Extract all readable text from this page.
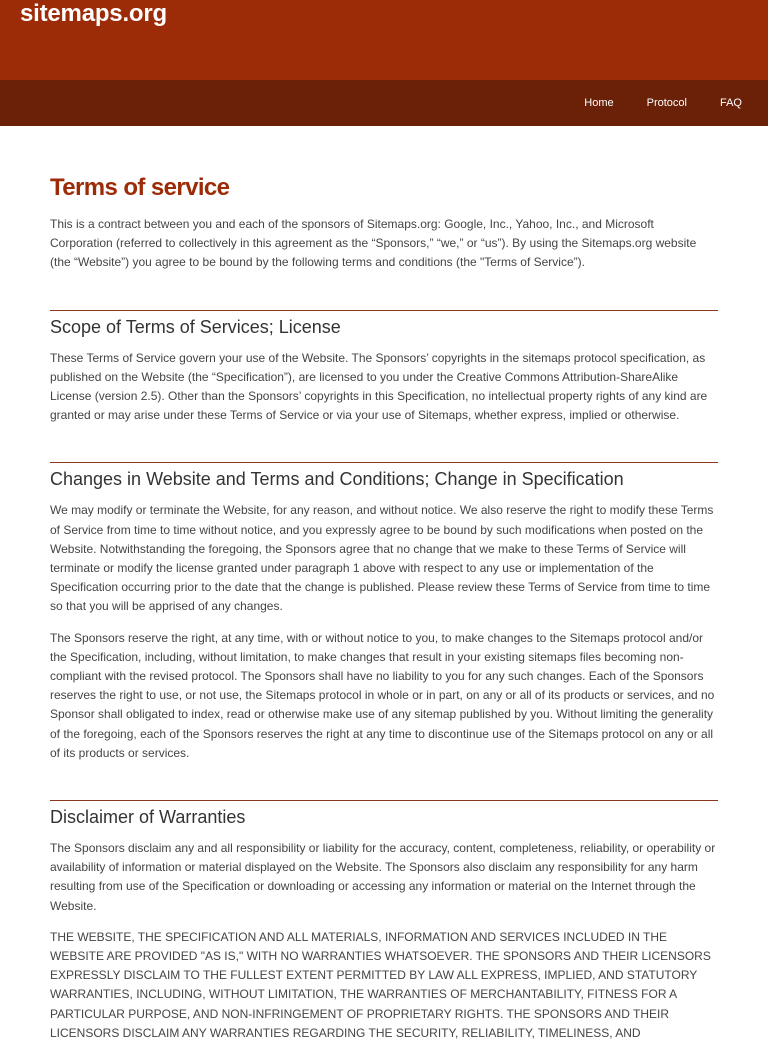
sitemaps.org
Home	Protocol	FAQ
Terms of service

This is a contract between you and each of the sponsors of Sitemaps.org: Google, Inc., Yahoo, Inc., and Microsoft Corporation (referred to collectively in this agreement as the “Sponsors,” “we,” or “us”). By using the Sitemaps.org website (the “Website”) you agree to be bound by the following terms and conditions (the "Terms of Service”).

Scope of Terms of Services; License

These Terms of Service govern your use of the Website. The Sponsors’ copyrights in the sitemaps protocol specification, as published on the Website (the “Specification”), are licensed to you under the Creative Commons Attribution-ShareAlike License (version 2.5). Other than the Sponsors’ copyrights in this Specification, no intellectual property rights of any kind are granted or may arise under these Terms of Service or via your use of Sitemaps, whether express, implied or otherwise.

Changes in Website and Terms and Conditions; Change in Specification

We may modify or terminate the Website, for any reason, and without notice. We also reserve the right to modify these Terms of Service from time to time without notice, and you expressly agree to be bound by such modifications when posted on the Website. Notwithstanding the foregoing, the Sponsors agree that no change that we make to these Terms of Service will terminate or modify the license granted under paragraph 1 above with respect to any use or implementation of the Specification occurring prior to the date that the change is published. Please review these Terms of Service from time to time so that you will be apprised of any changes.

The Sponsors reserve the right, at any time, with or without notice to you, to make changes to the Sitemaps protocol and/or the Specification, including, without limitation, to make changes that result in your existing sitemaps files becoming non-compliant with the revised protocol. The Sponsors shall have no liability to you for any such changes. Each of the Sponsors reserves the right to use, or not use, the Sitemaps protocol in whole or in part, on any or all of its products or services, and no Sponsor shall obligated to index, read or otherwise make use of any sitemap published by you. Without limiting the generality of the foregoing, each of the Sponsors reserves the right at any time to discontinue use of the Sitemaps protocol on any or all of its products or services.

Disclaimer of Warranties

The Sponsors disclaim any and all responsibility or liability for the accuracy, content, completeness, reliability, or operability or availability of information or material displayed on the Website. The Sponsors also disclaim any responsibility for any harm resulting from use of the Specification or downloading or accessing any information or material on the Internet through the Website.

THE WEBSITE, THE SPECIFICATION AND ALL MATERIALS, INFORMATION AND SERVICES INCLUDED IN THE WEBSITE ARE PROVIDED "AS IS," WITH NO WARRANTIES WHATSOEVER. THE SPONSORS AND THEIR LICENSORS EXPRESSLY DISCLAIM TO THE FULLEST EXTENT PERMITTED BY LAW ALL EXPRESS, IMPLIED, AND STATUTORY WARRANTIES, INCLUDING, WITHOUT LIMITATION, THE WARRANTIES OF MERCHANTABILITY, FITNESS FOR A PARTICULAR PURPOSE, AND NON-INFRINGEMENT OF PROPRIETARY RIGHTS. THE SPONSORS AND THEIR LICENSORS DISCLAIM ANY WARRANTIES REGARDING THE SECURITY, RELIABILITY, TIMELINESS, AND
